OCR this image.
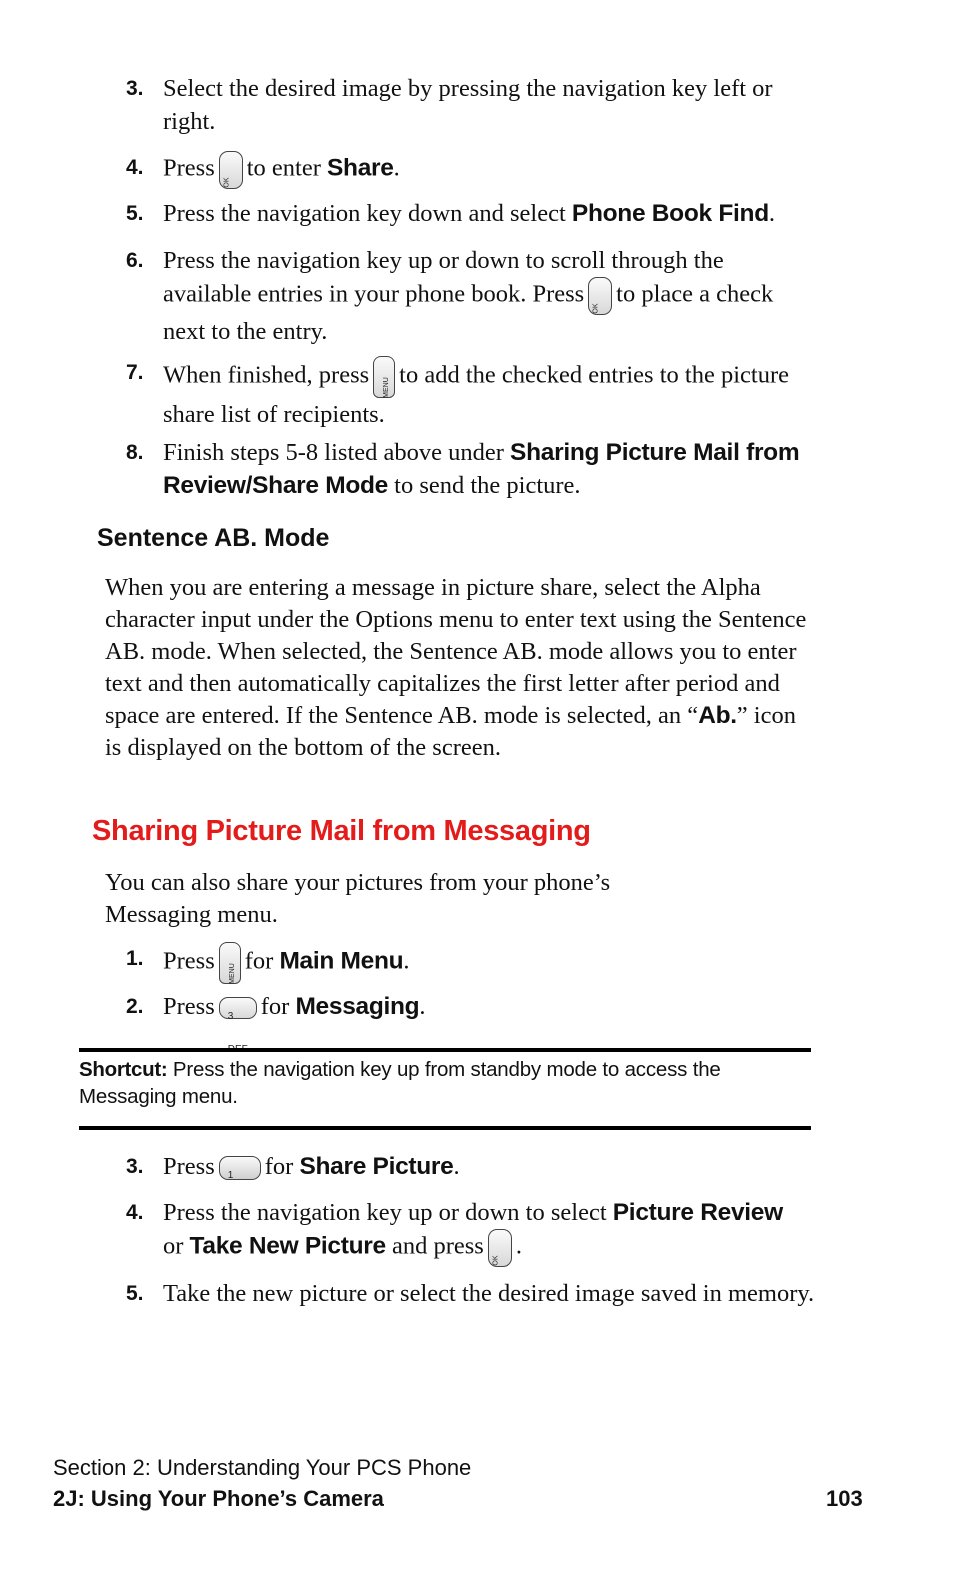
3. Select the desired image by pressing the navigation key left or right.
4. Press
OK
to enter Share.
5. Press the navigation key down and select Phone Book Find.
6. Press the navigation key up or down to scroll through the available entries in your phone book. Press
OK
to place a check next to the entry.
7. When finished, press	MENU to add the checked entries to the picture share list of recipients.
8. Finish steps 5-8 listed above under Sharing Picture Mail from Review/Share Mode to send the picture.
Sentence AB. Mode
When you are entering a message in picture share, select the Alpha character input under the Options menu to enter text using the Sentence AB. mode. When selected, the Sentence AB. mode allows you to enter text and then automatically capitalizes the first letter after period and space are entered. If the Sentence AB. mode is selected, an “Ab.” icon is displayed on the bottom of the screen.
Sharing Picture Mail from Messaging
You can also share your pictures from your phone’s Messaging menu.
1. Press	MENU for Main Menu.
2. Press 3	for Messaging.
Shortcut: Press the navigation key up from standby mode to access the Messaging menu.
3. Press 1 for Share Picture.
4. Press the navigation key up or down to select Picture Review or Take New Picture and press
OK
.
5. Take the new picture or select the desired image saved in memory.
Section 2: Understanding Your PCS Phone
2J: Using Your Phone’s Camera	103
